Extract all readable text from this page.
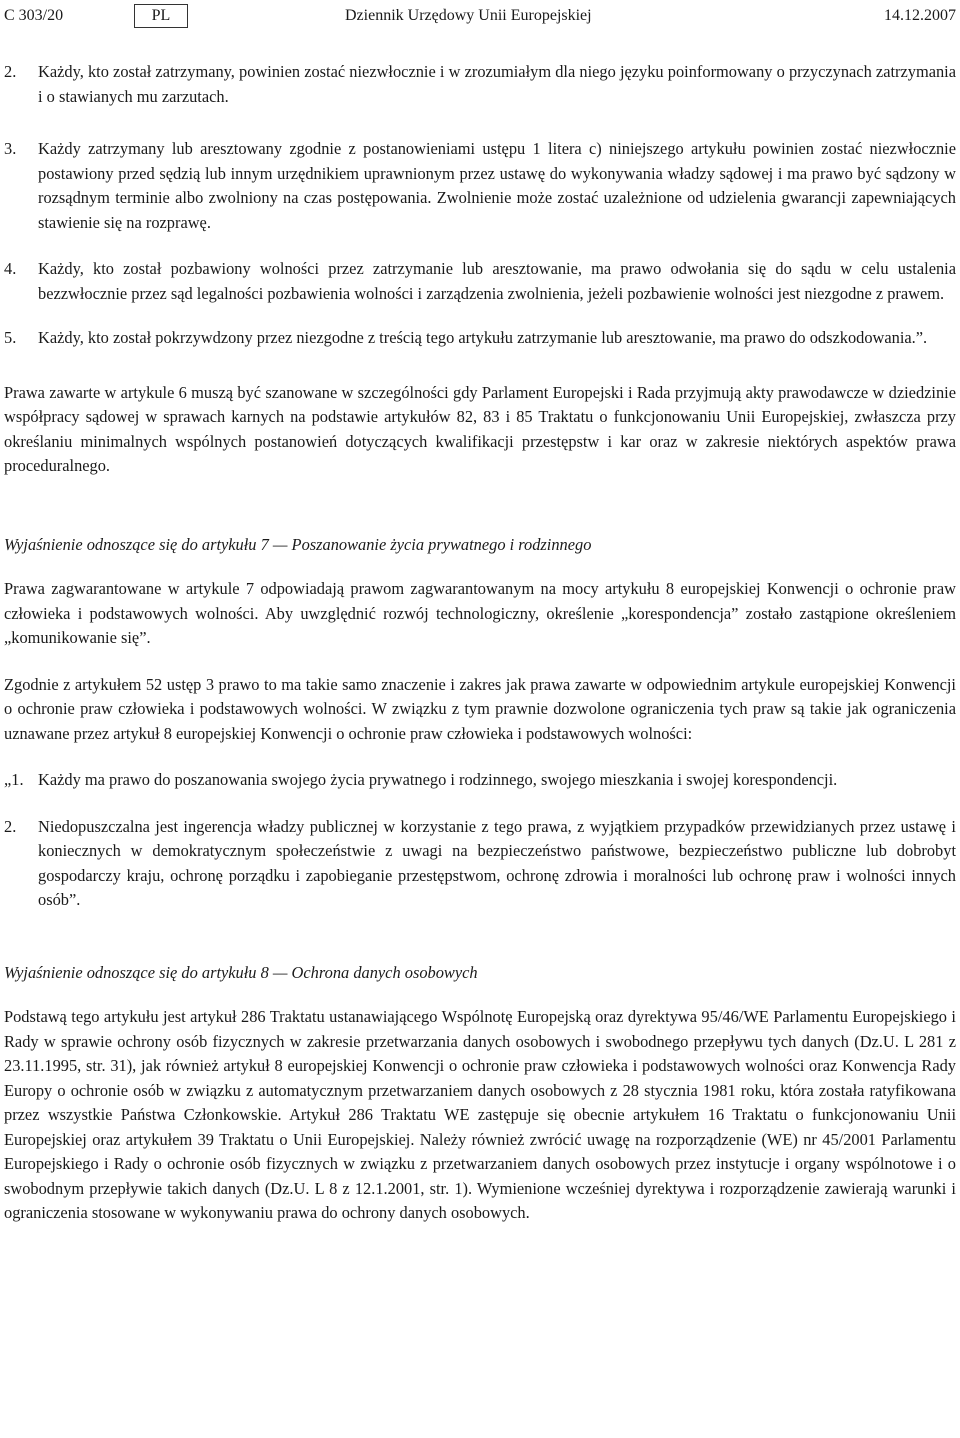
C 303/20	PL	Dziennik Urzędowy Unii Europejskiej	14.12.2007
2.	Każdy, kto został zatrzymany, powinien zostać niezwłocznie i w zrozumiałym dla niego języku poinformowany o przyczynach zatrzymania i o stawianych mu zarzutach.
3.	Każdy zatrzymany lub aresztowany zgodnie z postanowieniami ustępu 1 litera c) niniejszego artykułu powinien zostać niezwłocznie postawiony przed sędzią lub innym urzędnikiem uprawnionym przez ustawę do wykonywania władzy sądowej i ma prawo być sądzony w rozsądnym terminie albo zwolniony na czas postępowania. Zwolnienie może zostać uzależnione od udzielenia gwarancji zapewniających stawienie się na rozprawę.
4.	Każdy, kto został pozbawiony wolności przez zatrzymanie lub aresztowanie, ma prawo odwołania się do sądu w celu ustalenia bezzwłocznie przez sąd legalności pozbawienia wolności i zarządzenia zwolnienia, jeżeli pozbawienie wolności jest niezgodne z prawem.
5.	Każdy, kto został pokrzywdzony przez niezgodne z treścią tego artykułu zatrzymanie lub aresztowanie, ma prawo do odszkodowania.”.

Prawa zawarte w artykule 6 muszą być szanowane w szczególności gdy Parlament Europejski i Rada przyjmują akty prawodawcze w dziedzinie współpracy sądowej w sprawach karnych na podstawie artykułów 82, 83 i 85 Traktatu o funkcjonowaniu Unii Europejskiej, zwłaszcza przy określaniu minimalnych wspólnych postanowień dotyczących kwalifikacji przestępstw i kar oraz w zakresie niektórych aspektów prawa proceduralnego.

Wyjaśnienie odnoszące się do artykułu 7 — Poszanowanie życia prywatnego i rodzinnego

Prawa zagwarantowane w artykule 7 odpowiadają prawom zagwarantowanym na mocy artykułu 8 europejskiej Konwencji o ochronie praw człowieka i podstawowych wolności. Aby uwzględnić rozwój technologiczny, określenie „korespondencja” zostało zastąpione określeniem „komunikowanie się”.

Zgodnie z artykułem 52 ustęp 3 prawo to ma takie samo znaczenie i zakres jak prawa zawarte w odpowiednim artykule europejskiej Konwencji o ochronie praw człowieka i podstawowych wolności. W związku z tym prawnie dozwolone ograniczenia tych praw są takie jak ograniczenia uznawane przez artykuł 8 europejskiej Konwencji o ochronie praw człowieka i podstawowych wolności:

„1. Każdy ma prawo do poszanowania swojego życia prywatnego i rodzinnego, swojego mieszkania i swojej korespondencji.
2.	Niedopuszczalna jest ingerencja władzy publicznej w korzystanie z tego prawa, z wyjątkiem przypadków przewidzianych przez ustawę i koniecznych w demokratycznym społeczeństwie z uwagi na bezpieczeństwo państwowe, bezpieczeństwo publiczne lub dobrobyt gospodarczy kraju, ochronę porządku i zapobieganie przestępstwom, ochronę zdrowia i moralności lub ochronę praw i wolności innych osób”.

Wyjaśnienie odnoszące się do artykułu 8 — Ochrona danych osobowych

Podstawą tego artykułu jest artykuł 286 Traktatu ustanawiającego Wspólnotę Europejską oraz dyrektywa 95/46/WE Parlamentu Europejskiego i Rady w sprawie ochrony osób fizycznych w zakresie przetwarzania danych osobowych i swobodnego przepływu tych danych (Dz.U. L 281 z 23.11.1995, str. 31), jak również artykuł 8 europejskiej Konwencji o ochronie praw człowieka i podstawowych wolności oraz Konwencja Rady Europy o ochronie osób w związku z automatycznym przetwarzaniem danych osobowych z 28 stycznia 1981 roku, która została ratyfikowana przez wszystkie Państwa Członkowskie. Artykuł 286 Traktatu WE zastępuje się obecnie artykułem 16 Traktatu o funkcjonowaniu Unii Europejskiej oraz artykułem 39 Traktatu o Unii Europejskiej. Należy również zwrócić uwagę na rozporządzenie (WE) nr 45/2001 Parlamentu Europejskiego i Rady o ochronie osób fizycznych w związku z przetwarzaniem danych osobowych przez instytucje i organy wspólnotowe i o swobodnym przepływie takich danych (Dz.U. L 8 z 12.1.2001, str. 1). Wymienione wcześniej dyrektywa i rozporządzenie zawierają warunki i ograniczenia stosowane w wykonywaniu prawa do ochrony danych osobowych.
